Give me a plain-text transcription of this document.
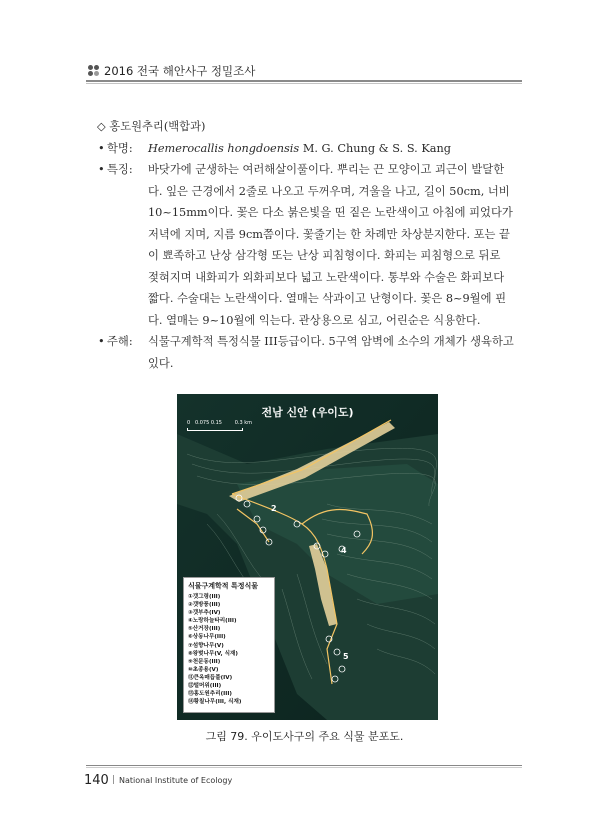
2016 전국 해안사구 정밀조사
◇ 홍도원추리(백합과)
• 학명:	Hemerocallis hongdoensis M. G. Chung & S. S. Kang
• 특징:	바닷가에 군생하는 여러해살이풀이다. 뿌리는 끈 모양이고 괴근이 발달한
다. 잎은 근경에서 2줄로 나오고 두꺼우며, 겨울을 나고, 길이 50cm, 너비
10~15mm이다. 꽃은 다소 붉은빛을 띤 짙은 노란색이고 아침에 피었다가
저녁에 지며, 지름 9cm쯤이다. 꽃줄기는 한 차례만 차상분지한다. 포는 끝
이 뾰족하고 난상 삼각형 또는 난상 피침형이다. 화피는 피침형으로 뒤로
젖혀지며 내화피가 외화피보다 넓고 노란색이다. 통부와 수술은 화피보다
짧다. 수술대는 노란색이다. 열매는 삭과이고 난형이다. 꽃은 8~9월에 핀
다. 열매는 9~10월에 익는다. 관상용으로 심고, 어린순은 식용한다.
• 주해:	식물구계학적 특정식물 III등급이다. 5구역 암벽에 소수의 개체가 생육하고
있다.
전남 신안 (우이도)
0   0.075 0.15        0.3 km
2
4
5
식물구계학적 특정식물
①갯그령(III)
②갯방풍(III)
③갯부추(IV)
④노랑하늘타리(III)
⑤산거장(III)
⑥상동나무(III)
⑦섬향나무(V)
⑧왕벚나무(V, 식재)
⑨천문동(III)
⑩초종용(V)
⑪큰옥매듭풀(IV)
⑫털머위(III)
⑬홍도원추리(III)
⑭황칠나무(III, 식재)
그림 79. 우이도사구의 주요 식물 분포도.
140 | National Institute of Ecology
